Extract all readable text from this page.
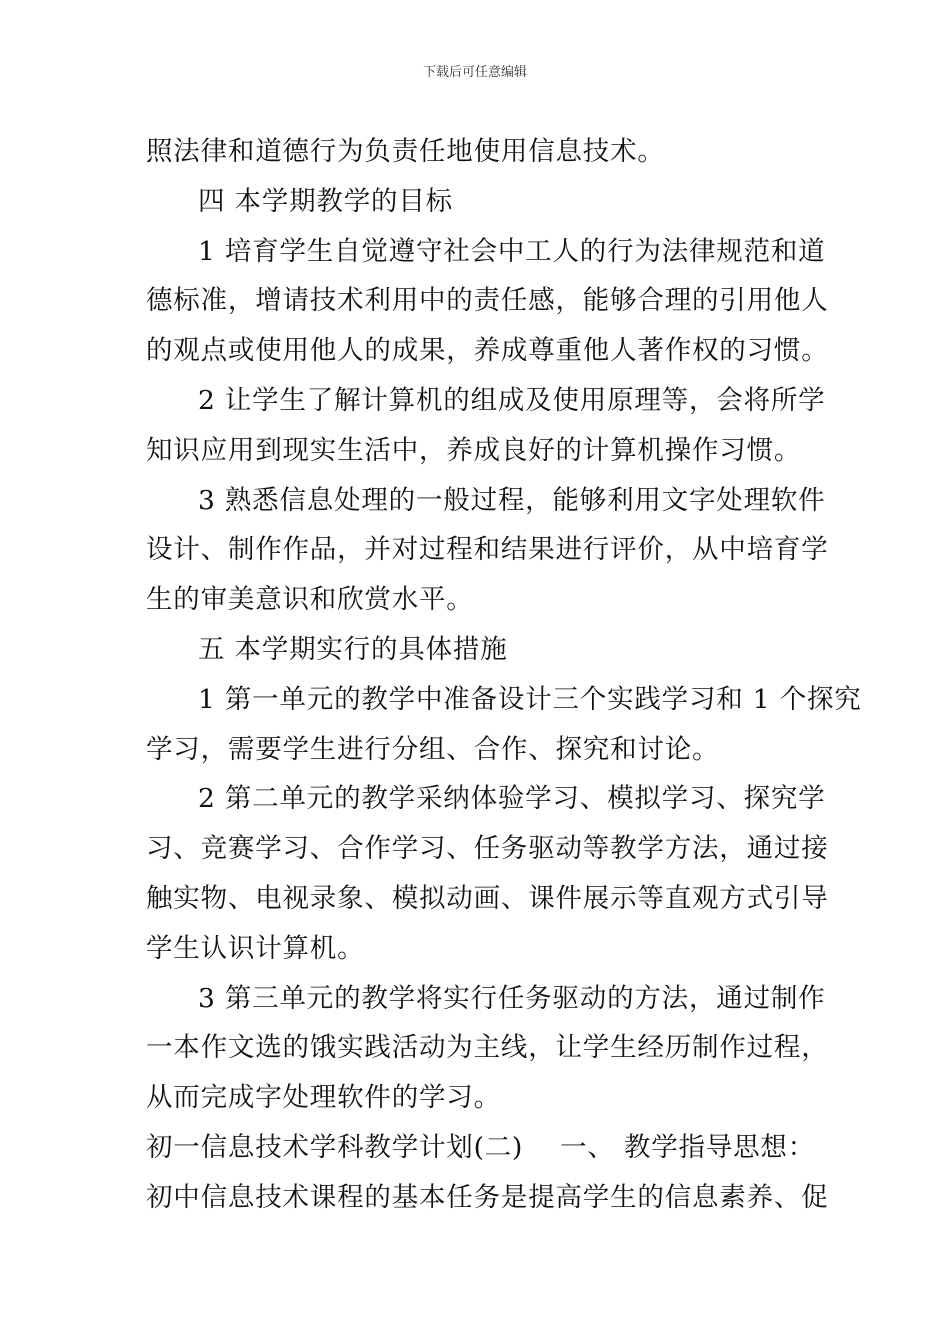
下载后可任意编辑
照法律和道德行为负责任地使用信息技术。
四 本学期教学的目标
1 培育学生自觉遵守社会中工人的行为法律规范和道
德标准，增请技术利用中的责任感，能够合理的引用他人
的观点或使用他人的成果，养成尊重他人著作权的习惯。
2 让学生了解计算机的组成及使用原理等，会将所学
知识应用到现实生活中，养成良好的计算机操作习惯。
3 熟悉信息处理的一般过程，能够利用文字处理软件
设计、制作作品，并对过程和结果进行评价，从中培育学
生的审美意识和欣赏水平。
五 本学期实行的具体措施
1 第一单元的教学中准备设计三个实践学习和 1 个探究
学习，需要学生进行分组、合作、探究和讨论。
2 第二单元的教学采纳体验学习、模拟学习、探究学
习、竞赛学习、合作学习、任务驱动等教学方法，通过接
触实物、电视录象、模拟动画、课件展示等直观方式引导
学生认识计算机。
3 第三单元的教学将实行任务驱动的方法，通过制作
一本作文选的饿实践活动为主线，让学生经历制作过程，
从而完成字处理软件的学习。
初一信息技术学科教学计划(二)    一、 教学指导思想：
初中信息技术课程的基本任务是提高学生的信息素养、促
